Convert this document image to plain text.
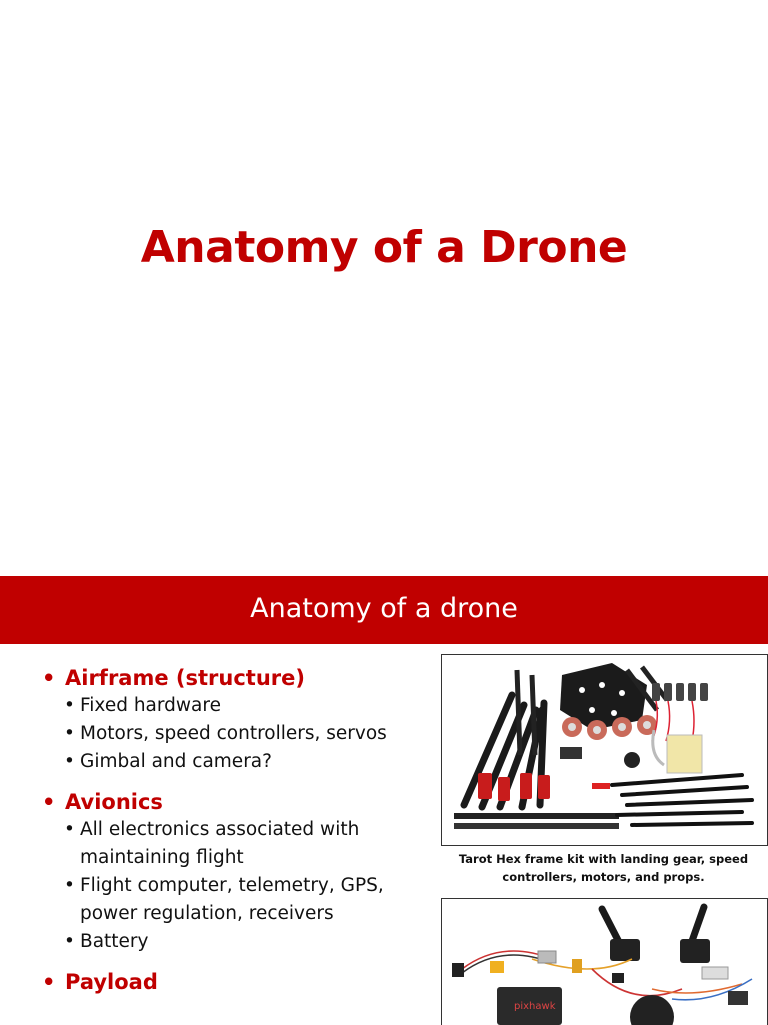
Anatomy of a Drone
Anatomy of a drone
• Airframe (structure)
• Fixed hardware
• Motors, speed controllers, servos
• Gimbal and camera?
• Avionics
• All electronics associated with maintaining flight
• Flight computer, telemetry, GPS, power regulation, receivers
• Battery
• Payload
Tarot Hex frame kit with landing gear, speed controllers, motors, and props.
pixhawk
